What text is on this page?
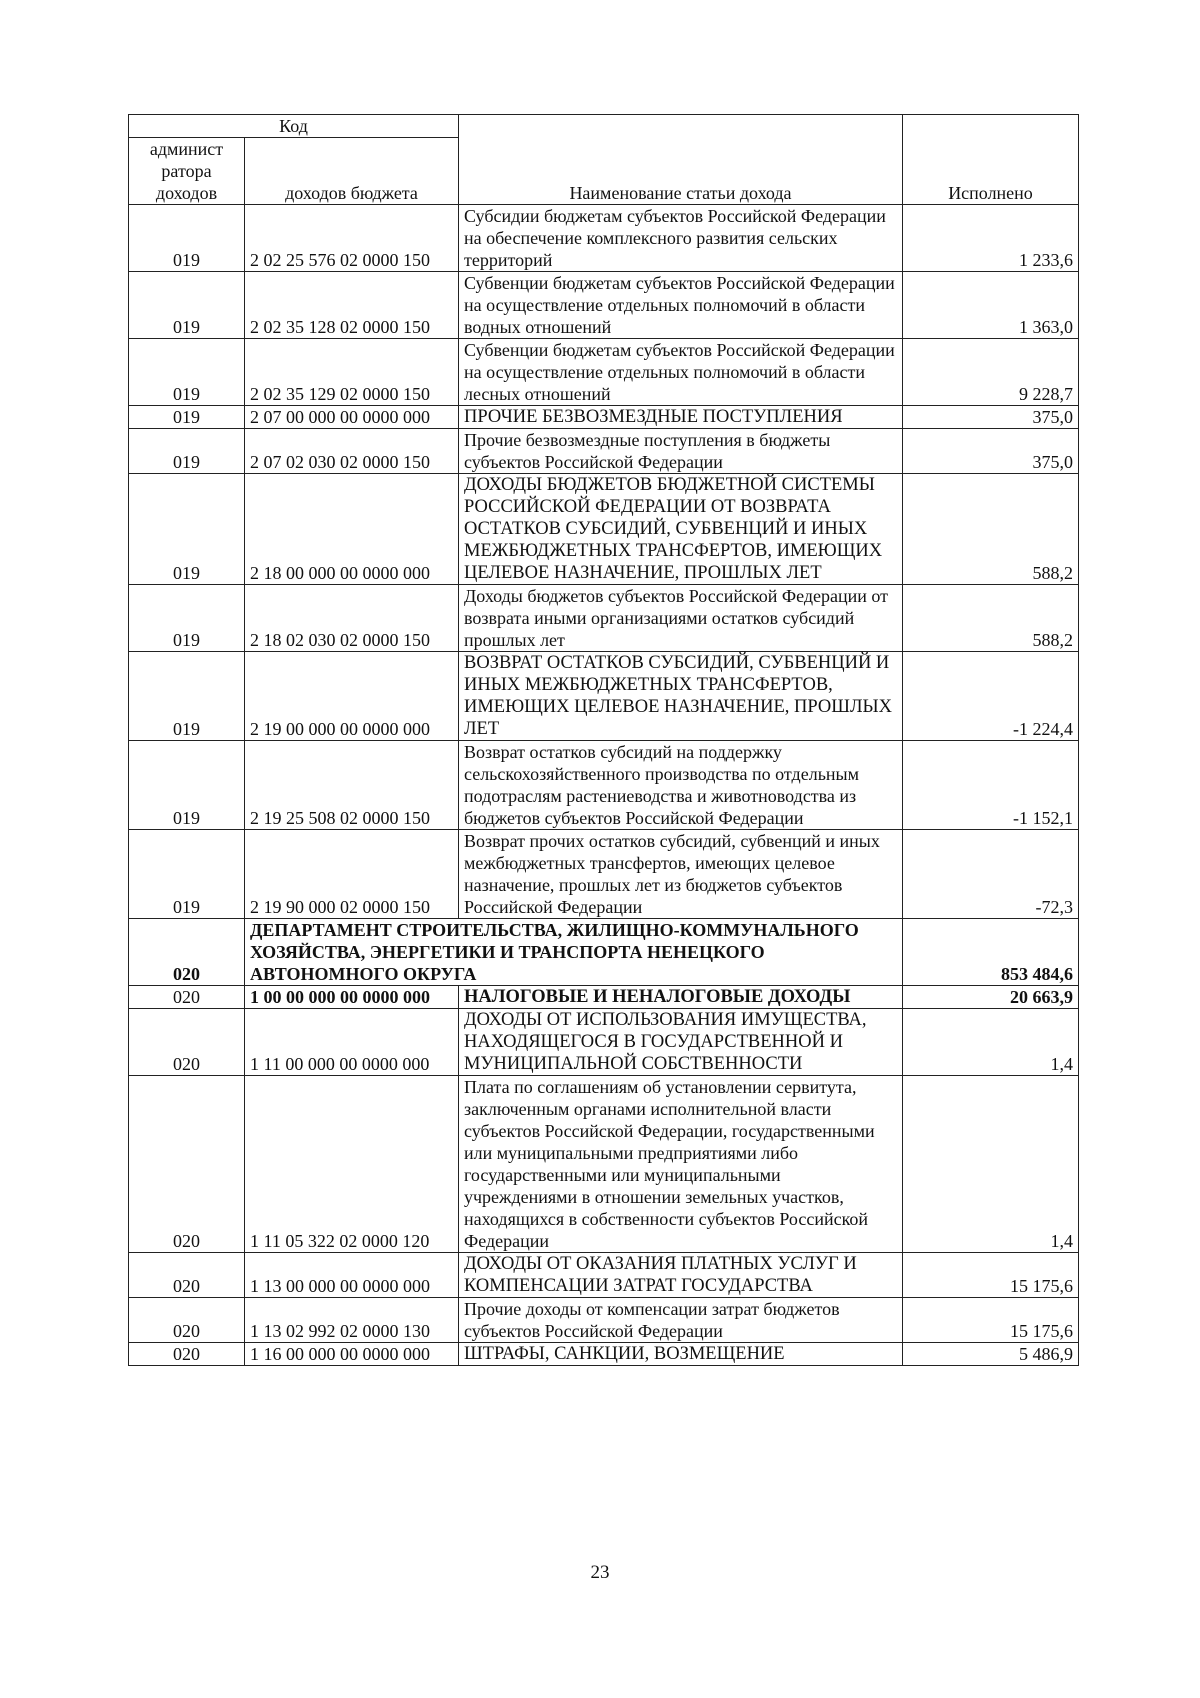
Код		Наименование статьи дохода	Исполнено
админист ратора доходов	доходов бюджета		
019	2 02 25 576 02 0000 150	Субсидии бюджетам субъектов Российской Федерации на обеспечение комплексного развития сельских территорий	1 233,6
019	2 02 35 128 02 0000 150	Субвенции бюджетам субъектов Российской Федерации на осуществление отдельных полномочий в области водных отношений	1 363,0
019	2 02 35 129 02 0000 150	Субвенции бюджетам субъектов Российской Федерации на осуществление отдельных полномочий в области лесных отношений	9 228,7
019	2 07 00 000 00 0000 000	ПРОЧИЕ БЕЗВОЗМЕЗДНЫЕ ПОСТУПЛЕНИЯ	375,0
019	2 07 02 030 02 0000 150	Прочие безвозмездные поступления в бюджеты субъектов Российской Федерации	375,0
019	2 18 00 000 00 0000 000	ДОХОДЫ БЮДЖЕТОВ БЮДЖЕТНОЙ СИСТЕМЫ РОССИЙСКОЙ ФЕДЕРАЦИИ ОТ ВОЗВРАТА ОСТАТКОВ СУБСИДИЙ, СУБВЕНЦИЙ И ИНЫХ МЕЖБЮДЖЕТНЫХ ТРАНСФЕРТОВ, ИМЕЮЩИХ ЦЕЛЕВОЕ НАЗНАЧЕНИЕ, ПРОШЛЫХ ЛЕТ	588,2
019	2 18 02 030 02 0000 150	Доходы бюджетов субъектов Российской Федерации от возврата иными организациями остатков субсидий прошлых лет	588,2
019	2 19 00 000 00 0000 000	ВОЗВРАТ ОСТАТКОВ СУБСИДИЙ, СУБВЕНЦИЙ И ИНЫХ МЕЖБЮДЖЕТНЫХ ТРАНСФЕРТОВ, ИМЕЮЩИХ ЦЕЛЕВОЕ НАЗНАЧЕНИЕ, ПРОШЛЫХ ЛЕТ	-1 224,4
019	2 19 25 508 02 0000 150	Возврат остатков субсидий на поддержку сельскохозяйственного производства по отдельным подотраслям растениеводства и животноводства из бюджетов субъектов Российской Федерации	-1 152,1
019	2 19 90 000 02 0000 150	Возврат прочих остатков субсидий, субвенций и иных межбюджетных трансфертов, имеющих целевое назначение, прошлых лет из бюджетов субъектов Российской Федерации	-72,3
020	ДЕПАРТАМЕНТ СТРОИТЕЛЬСТВА, ЖИЛИЩНО-КОММУНАЛЬНОГО ХОЗЯЙСТВА, ЭНЕРГЕТИКИ И ТРАНСПОРТА НЕНЕЦКОГО АВТОНОМНОГО ОКРУГА		853 484,6
020	1 00 00 000 00 0000 000	НАЛОГОВЫЕ И НЕНАЛОГОВЫЕ ДОХОДЫ	20 663,9
020	1 11 00 000 00 0000 000	ДОХОДЫ ОТ ИСПОЛЬЗОВАНИЯ ИМУЩЕСТВА, НАХОДЯЩЕГОСЯ В ГОСУДАРСТВЕННОЙ И МУНИЦИПАЛЬНОЙ СОБСТВЕННОСТИ	1,4
020	1 11 05 322 02 0000 120	Плата по соглашениям об установлении сервитута, заключенным органами исполнительной власти субъектов Российской Федерации, государственными или муниципальными предприятиями либо государственными или муниципальными учреждениями в отношении земельных участков, находящихся в собственности субъектов Российской Федерации	1,4
020	1 13 00 000 00 0000 000	ДОХОДЫ ОТ ОКАЗАНИЯ ПЛАТНЫХ УСЛУГ И КОМПЕНСАЦИИ ЗАТРАТ ГОСУДАРСТВА	15 175,6
020	1 13 02 992 02 0000 130	Прочие доходы от компенсации затрат бюджетов субъектов Российской Федерации	15 175,6
020	1 16 00 000 00 0000 000	ШТРАФЫ, САНКЦИИ, ВОЗМЕЩЕНИЕ	5 486,9
23
